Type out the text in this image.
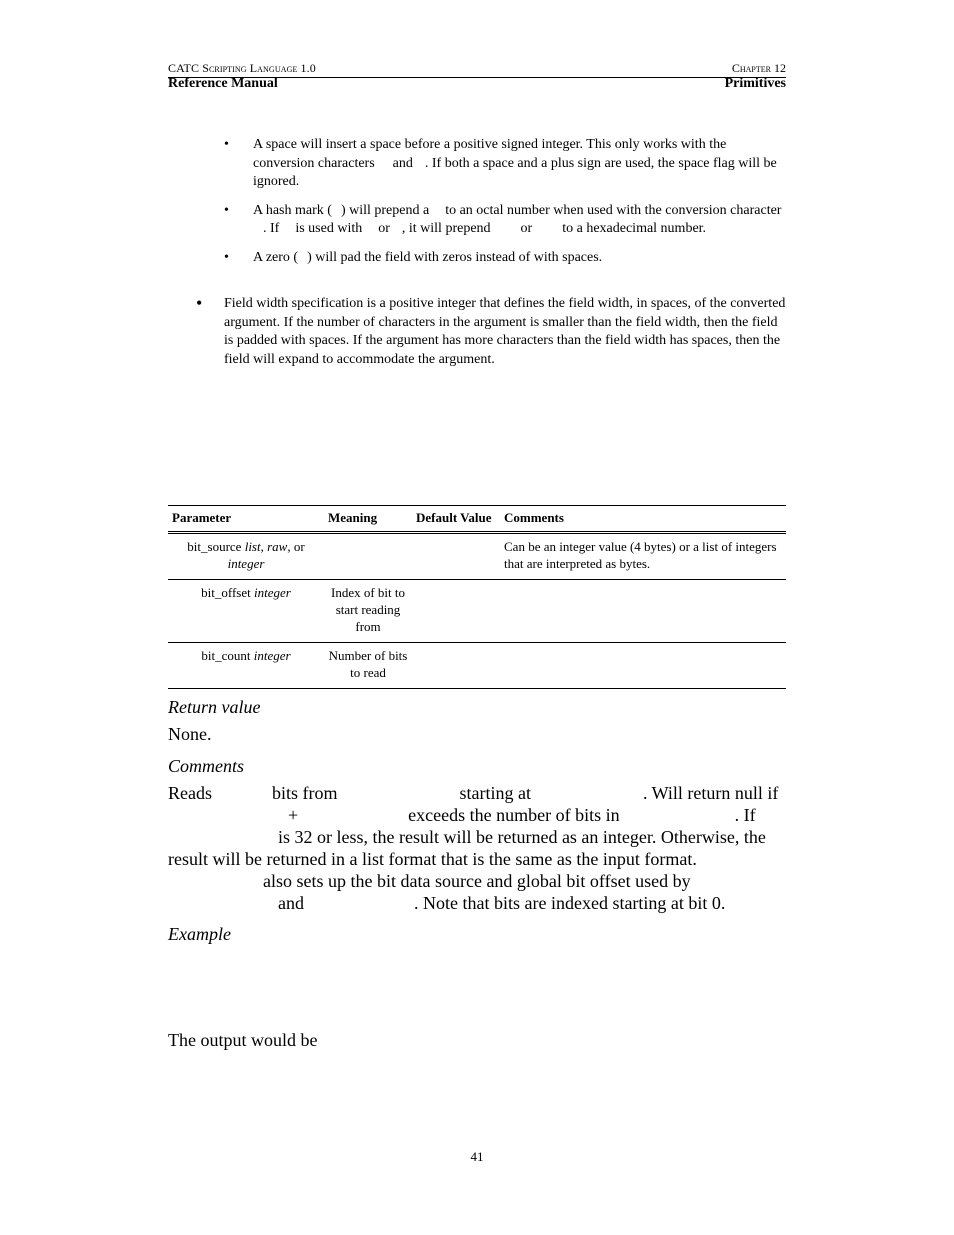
CATC Scripting Language 1.0	Chapter 12
Reference Manual	Primitives
• A space will insert a space before a positive signed integer. This only works with the conversion characters and . If both a space and a plus sign are used, the space flag will be ignored.
• A hash mark ( ) will prepend a to an octal number when used with the conversion character. If is used with or , it will prepend or to a hexadecimal number.
• A zero ( ) will pad the field with zeros instead of with spaces.
•	Field width specification is a positive integer that defines the field width, in spaces, of the converted argument. If the number of characters in the argument is smaller than the field width, then the field is padded with spaces. If the argument has more characters than the field width has spaces, then the field will expand to accommodate the argument.
Parameter	Meaning	Default Value	Comments
bit_source list, raw, or
integer			Can be an integer value (4 bytes) or a list of integers that are interpreted as bytes.
bit_offset integer	Index of bit to start reading from		
bit_count integer	Number of bits to read		
Return value
None.
Comments
Reads	bits from	starting at	. Will return null if+	exceeds the number of bits in	. Ifis 32 or less, the result will be returned as an integer. Otherwise, the result will be returned in a list format that is the same as the input format.also sets up the bit data source and global bit offset used byand	. Note that bits are indexed starting at bit 0.
Example
The output would be
41
